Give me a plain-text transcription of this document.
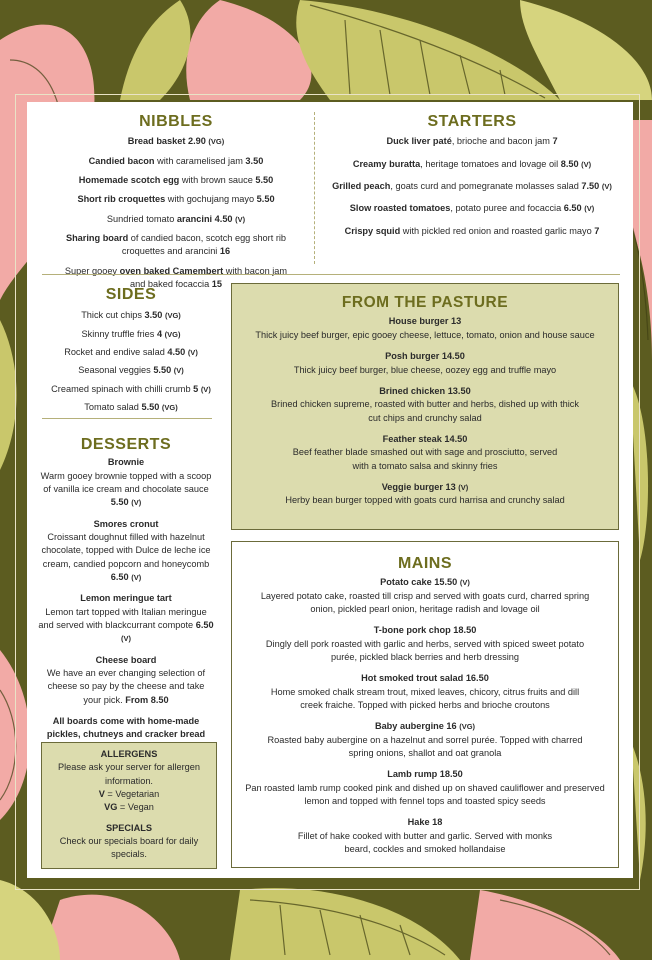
NIBBLES
Bread basket 2.90 (VG)
Candied bacon with caramelised jam 3.50
Homemade scotch egg with brown sauce 5.50
Short rib croquettes with gochujang mayo 5.50
Sundried tomato arancini 4.50 (V)
Sharing board of candied bacon, scotch egg short rib croquettes and arancini 16
Super gooey oven baked Camembert with bacon jam and baked focaccia 15
STARTERS
Duck liver paté, brioche and bacon jam 7
Creamy buratta, heritage tomatoes and lovage oil 8.50 (V)
Grilled peach, goats curd and pomegranate molasses salad 7.50 (V)
Slow roasted tomatoes, potato puree and focaccia 6.50 (V)
Crispy squid with pickled red onion and roasted garlic mayo 7
SIDES
Thick cut chips 3.50 (VG)
Skinny truffle fries 4 (VG)
Rocket and endive salad 4.50 (V)
Seasonal veggies 5.50 (V)
Creamed spinach with chilli crumb 5 (V)
Tomato salad 5.50 (VG)
DESSERTS
Brownie
Warm gooey brownie topped with a scoop of vanilla ice cream and chocolate sauce 5.50 (V)
Smores cronut
Croissant doughnut filled with hazelnut chocolate, topped with Dulce de leche ice cream, candied popcorn and honeycomb 6.50 (V)
Lemon meringue tart
Lemon tart topped with Italian meringue and served with blackcurrant compote 6.50 (V)
Cheese board
We have an ever changing selection of cheese so pay by the cheese and take your pick. From 8.50
All boards come with home-made pickles, chutneys and cracker bread
ALLERGENS
Please ask your server for allergen information.
V = Vegetarian
VG = Vegan
SPECIALS
Check our specials board for daily specials.
FROM THE PASTURE
House burger 13
Thick juicy beef burger, epic gooey cheese, lettuce, tomato, onion and house sauce
Posh burger 14.50
Thick juicy beef burger, blue cheese, oozey egg and truffle mayo
Brined chicken 13.50
Brined chicken supreme, roasted with butter and herbs, dished up with thick cut chips and crunchy salad
Feather steak 14.50
Beef feather blade smashed out with sage and prosciutto, served with a tomato salsa and skinny fries
Veggie burger 13 (V)
Herby bean burger topped with goats curd harrisa and crunchy salad
MAINS
Potato cake 15.50 (V)
Layered potato cake, roasted till crisp and served with goats curd, charred spring onion, pickled pearl onion, heritage radish and lovage oil
T-bone pork chop 18.50
Dingly dell pork roasted with garlic and herbs, served with spiced sweet potato purée, pickled black berries and herb dressing
Hot smoked trout salad 16.50
Home smoked chalk stream trout, mixed leaves, chicory, citrus fruits and dill creek fraiche. Topped with picked herbs and brioche croutons
Baby aubergine 16 (VG)
Roasted baby aubergine on a hazelnut and sorrel purée. Topped with charred spring onions, shallot and oat granola
Lamb rump 18.50
Pan roasted lamb rump cooked pink and dished up on shaved cauliflower and preserved lemon and topped with fennel tops and toasted spicy seeds
Hake 18
Fillet of hake cooked with butter and garlic. Served with monks beard, cockles and smoked hollandaise
